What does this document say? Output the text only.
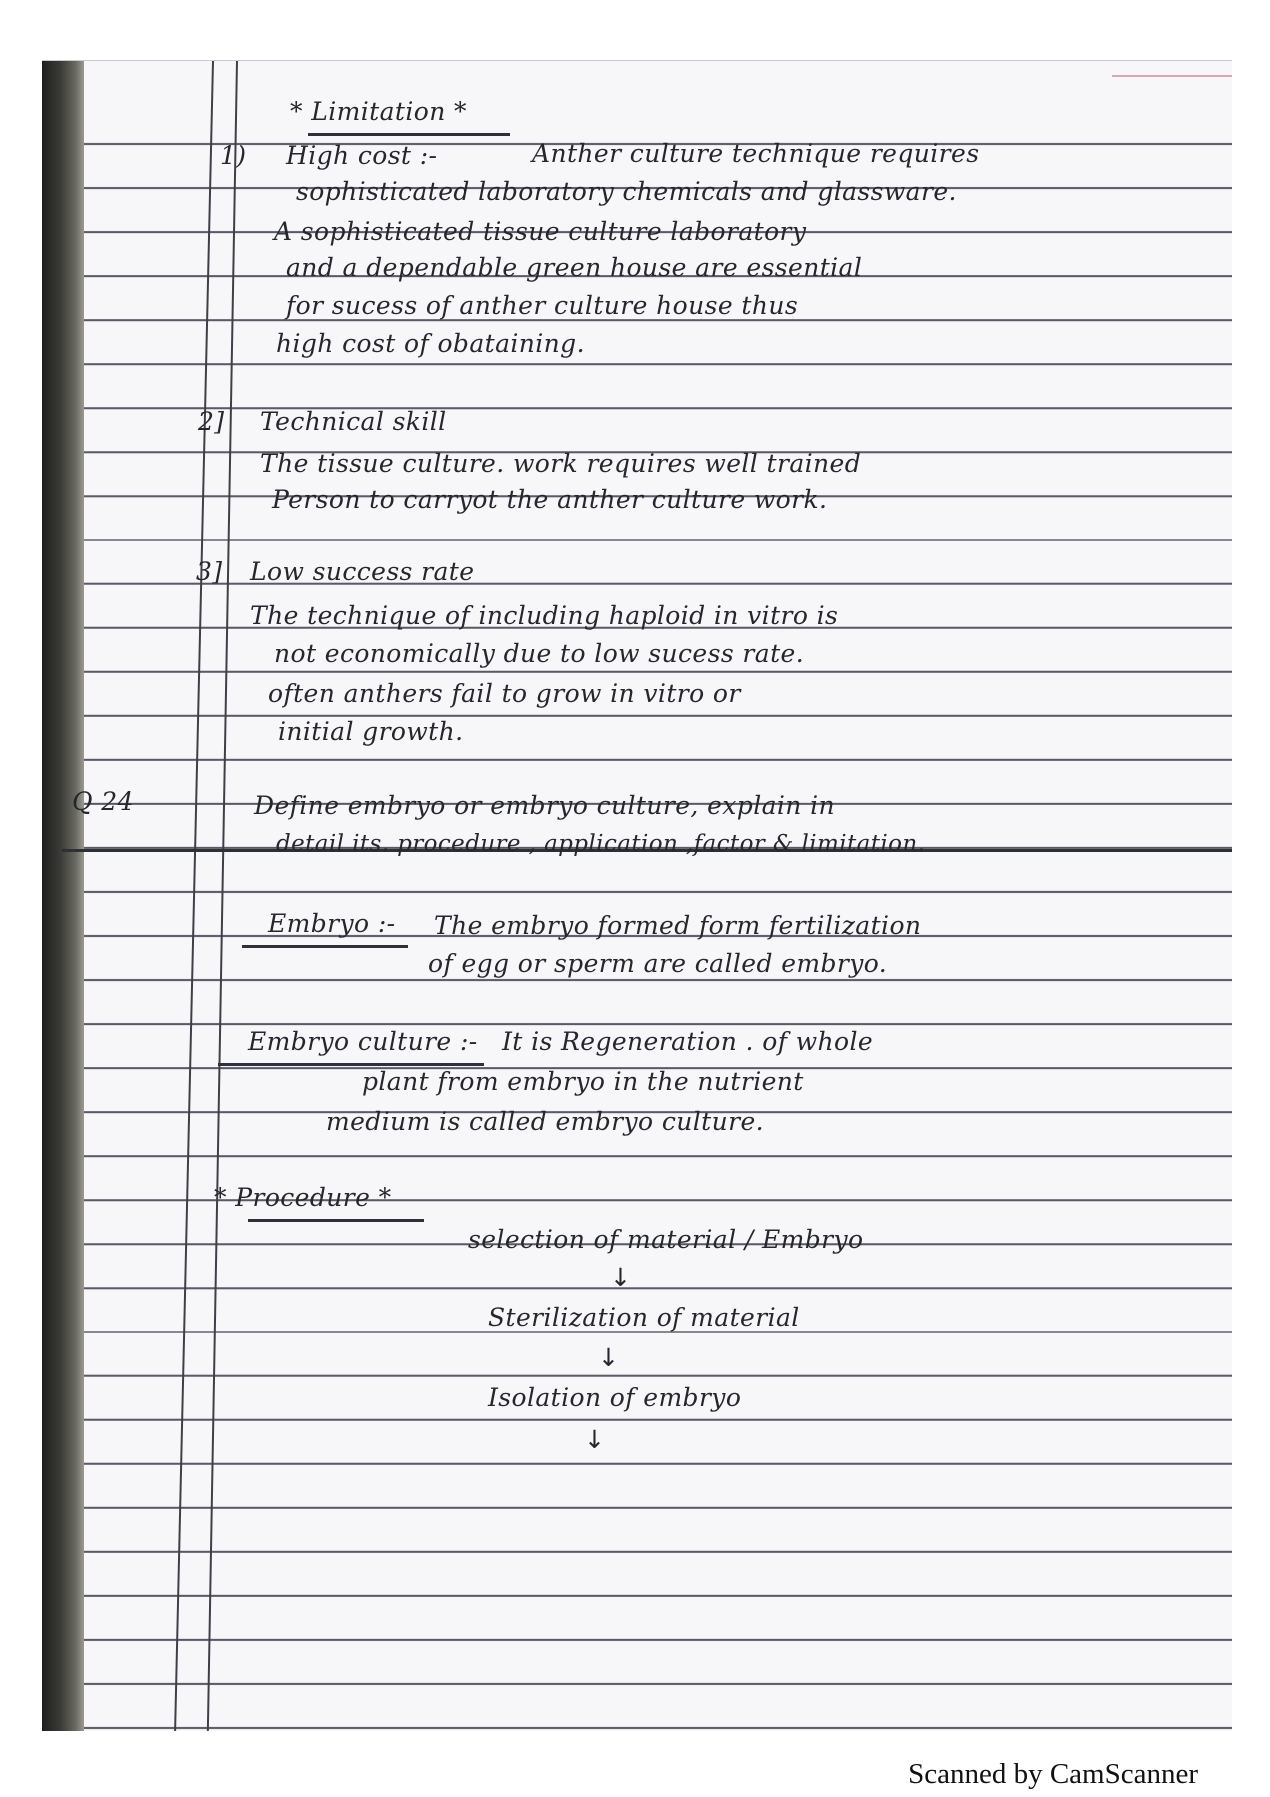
* Limitation *
1) High cost :-	Anther culture technique requires
sophisticated laboratory chemicals and glassware.
A sophisticated tissue culture laboratory
and a dependable green house are essential
for sucess of anther culture house thus
high cost of obataining.
2] Technical skill
The tissue culture. work requires well trained
Person to carryot the anther culture work.
3] Low success rate
The technique of including haploid in vitro is
not economically due to low sucess rate.
often anthers fail to grow in vitro or
initial growth.
Q 24	Define embryo or embryo culture, explain in
detail its. procedure , application ,factor & limitation.
Embryo :- The embryo formed form fertilization
of egg or sperm are called embryo.
Embryo culture :- It is Regeneration . of whole
plant from embryo in the nutrient
medium is called embryo culture.
* Procedure *
selection of material / Embryo
↓
Sterilization of material
↓
Isolation of embryo
↓
Scanned by CamScanner
